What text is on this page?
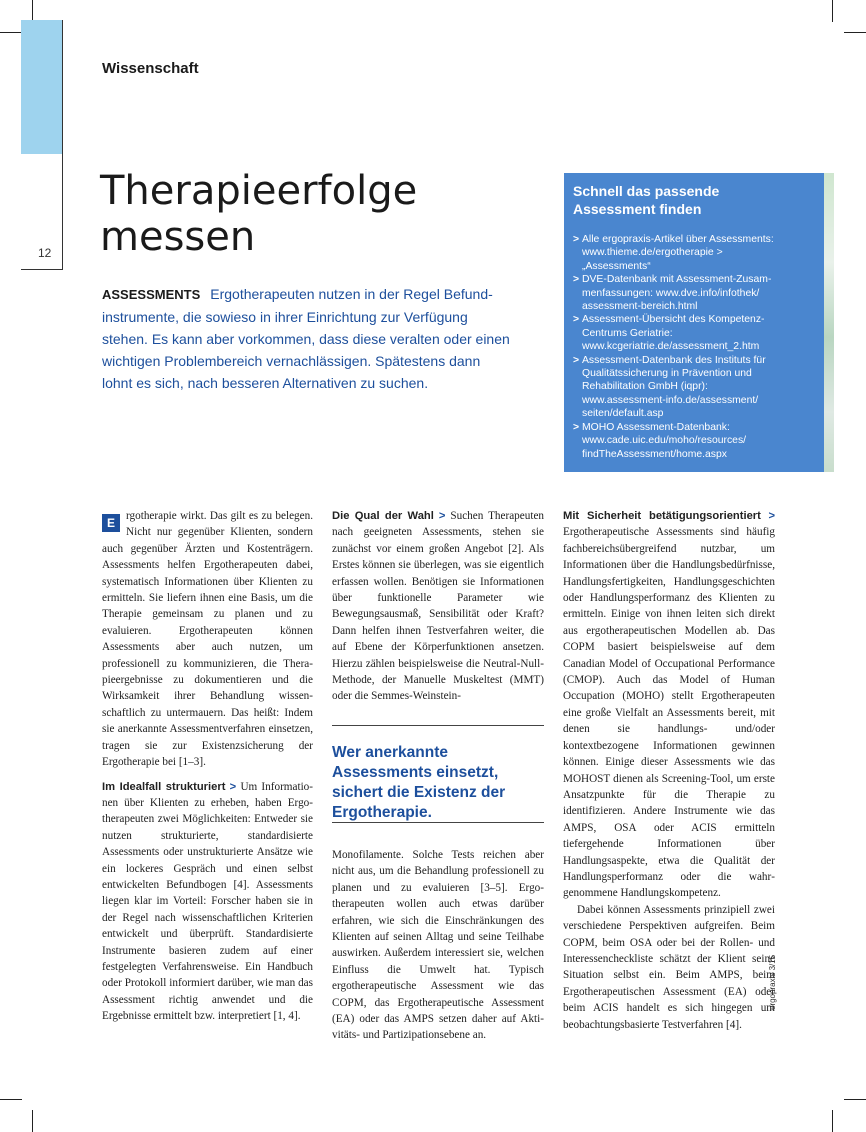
12
Wissenschaft
Therapieerfolge
messen
ASSESSMENTS Ergotherapeuten nutzen in der Regel Befundinstrumente, die sowieso in ihrer Einrichtung zur Verfügung stehen. Es kann aber vorkommen, dass diese veralten oder einen wichtigen Problembereich vernachlässigen. Spätestens dann lohnt es sich, nach besseren Alternativen zu suchen.
Schnell das passende Assessment finden
> Alle ergopraxis-Artikel über Assessments: www.thieme.de/ergotherapie > „Assessments“
> DVE-Datenbank mit Assessment-Zusammenfassungen: www.dve.info/infothek/ assessment-bereich.html
> Assessment-Übersicht des Kompetenz-Centrums Geriatrie: www.kcgeriatrie.de/assessment_2.htm
> Assessment-Datenbank des Instituts für Qualitätssicherung in Prävention und Rehabilitation GmbH (iqpr): www.assessment-info.de/assessment/ seiten/default.asp
> MOHO Assessment-Datenbank: www.cade.uic.edu/moho/resources/ findTheAssessment/home.aspx

E rgotherapie wirkt. Das gilt es zu belegen. Nicht nur gegenüber Klienten, sondern auch gegenüber Ärzten und Kostenträgern. Assessments helfen Ergotherapeuten dabei, systematisch Informationen über Klienten zu ermitteln. Sie liefern ihnen eine Basis, um die Therapie gemeinsam zu planen und zu evaluieren. Ergotherapeuten können Assessments aber auch nutzen, um professionell zu kommunizieren, die Therapieergebnisse zu dokumentieren und die Wirksamkeit ihrer Behandlung wissenschaftlich zu untermauern. Das heißt: Indem sie anerkannte Assessmentverfahren einsetzen, tragen sie zur Existenzsicherung der Ergotherapie bei [1–3].

Im Idealfall strukturiert > Um Informationen über Klienten zu erheben, haben Ergotherapeuten zwei Möglichkeiten: Entweder sie nutzen strukturierte, standardisierte Assessments oder unstrukturierte Ansätze wie ein lockeres Gespräch und einen selbst entwickelten Befundbogen [4]. Assessments liegen klar im Vorteil: Forscher haben sie in der Regel nach wissenschaftlichen Kriterien entwickelt und überprüft. Standardisierte Instrumente basieren zudem auf einer festgelegten Verfahrensweise. Ein Handbuch oder Protokoll informiert darüber, wie man das Assessment richtig anwendet und die Ergebnisse ermittelt bzw. interpretiert [1, 4].

Die Qual der Wahl > Suchen Therapeuten nach geeigneten Assessments, stehen sie zunächst vor einem großen Angebot [2]. Als Erstes können sie überlegen, was sie eigentlich erfassen wollen. Benötigen sie Informationen über funktionelle Parameter wie Bewegungsausmaß, Sensibilität oder Kraft? Dann helfen ihnen Testverfahren weiter, die auf Ebene der Körperfunktionen ansetzen. Hierzu zählen beispielsweise die Neutral-Null-Methode, der Manuelle Muskeltest (MMT) oder die Semmes-Weinstein-

Wer anerkannte Assessments einsetzt, sichert die Existenz der Ergotherapie.

Monofilamente. Solche Tests reichen aber nicht aus, um die Behandlung professionell zu planen und zu evaluieren [3–5]. Ergotherapeuten wollen auch etwas darüber erfahren, wie sich die Einschränkungen des Klienten auf seinen Alltag und seine Teilhabe auswirken. Außerdem interessiert sie, welchen Einfluss die Umwelt hat. Typisch ergotherapeutische Assessment wie das COPM, das Ergotherapeutische Assessment (EA) oder das AMPS setzen daher auf Aktivitäts- und Partizipationsebene an.

Mit Sicherheit betätigungsorientiert > Ergotherapeutische Assessments sind häufig fachbereichsübergreifend nutzbar, um Informationen über die Handlungsbedürfnisse, Handlungsfertigkeiten, Handlungsgeschichten oder Handlungsperformanz des Klienten zu ermitteln. Einige von ihnen leiten sich direkt aus ergotherapeutischen Modellen ab. Das COPM basiert beispielsweise auf dem Canadian Model of Occupational Performance (CMOP). Auch das Model of Human Occupation (MOHO) stellt Ergotherapeuten eine große Vielfalt an Assessments bereit, mit denen sie handlungs- und/oder kontextbezogene Informationen gewinnen können. Einige dieser Assessments wie das MOHOST dienen als Screening-Tool, um erste Ansatzpunkte für die Therapie zu identifizieren. Andere Instrumente wie das AMPS, OSA oder ACIS ermitteln tiefergehende Informationen über Handlungsaspekte, etwa die Qualität der Handlungsperformanz oder die wahrgenommene Handlungskompetenz.

Dabei können Assessments prinzipiell zwei verschiedene Perspektiven aufgreifen. Beim COPM, beim OSA oder bei der Rollen- und Interessencheckliste schätzt der Klient seine Situation selbst ein. Beim AMPS, beim Ergotherapeutischen Assessment (EA) oder beim ACIS handelt es sich hingegen um beobachtungsbasierte Testverfahren [4].

ergopraxis 3/15
